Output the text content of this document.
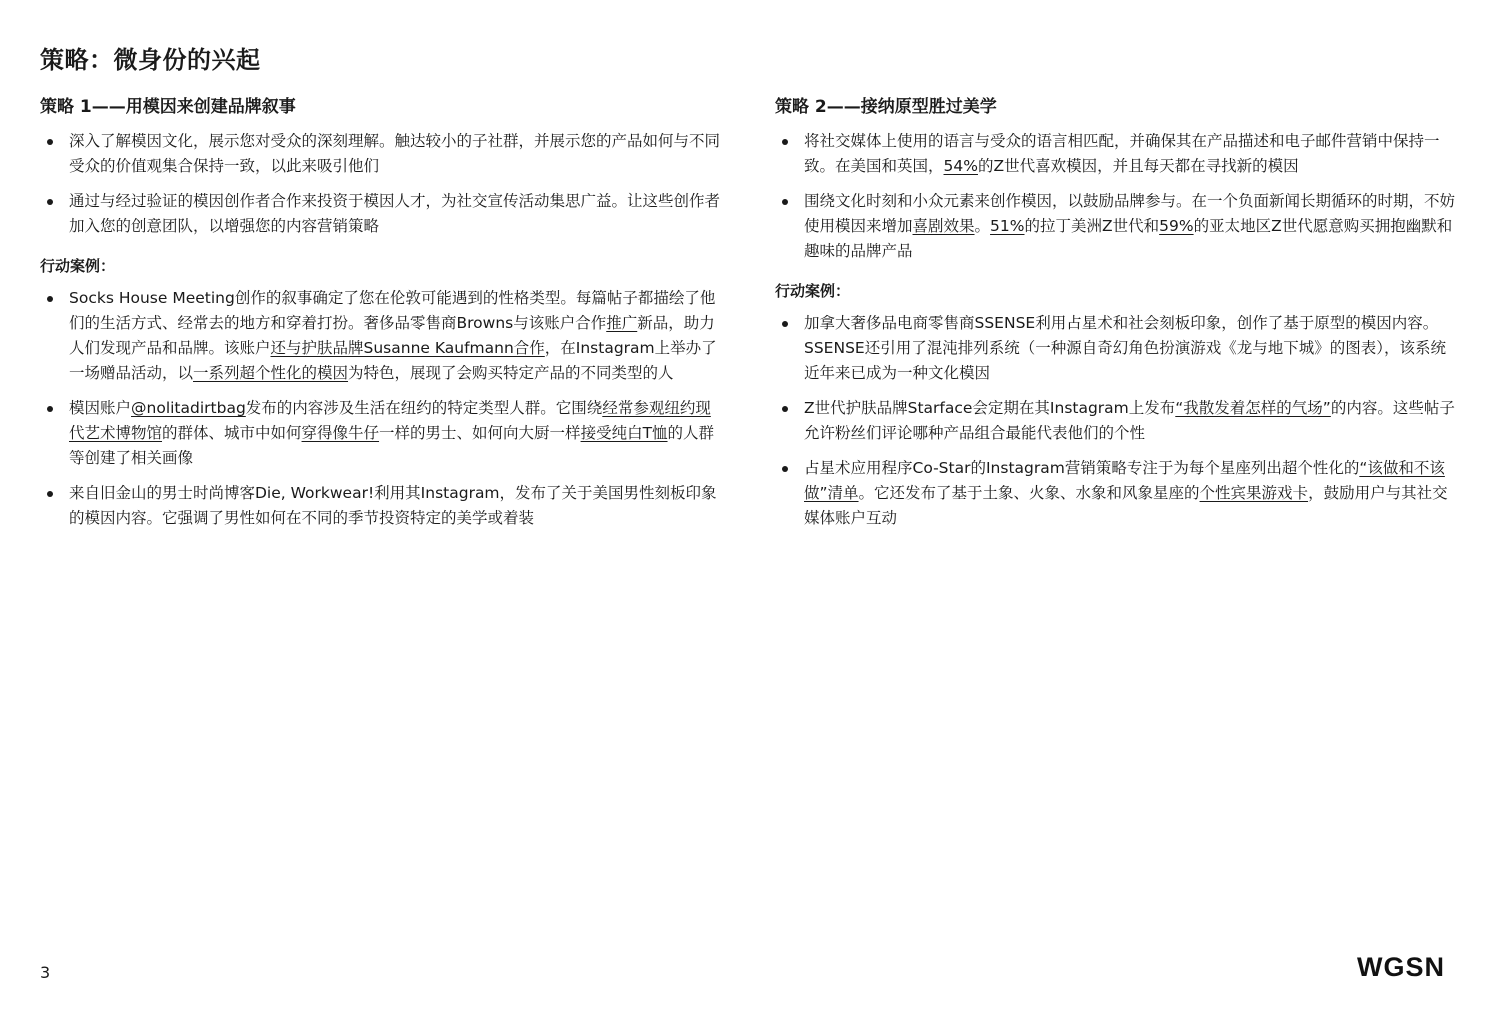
策略：微身份的兴起
策略 1——用模因来创建品牌叙事
深入了解模因文化，展示您对受众的深刻理解。触达较小的子社群，并展示您的产品如何与不同受众的价值观集合保持一致，以此来吸引他们
通过与经过验证的模因创作者合作来投资于模因人才，为社交宣传活动集思广益。让这些创作者加入您的创意团队，以增强您的内容营销策略
行动案例：
Socks House Meeting创作的叙事确定了您在伦敦可能遇到的性格类型。每篇帖子都描绘了他们的生活方式、经常去的地方和穿着打扮。奢侈品零售商Browns与该账户合作推广新品，助力人们发现产品和品牌。该账户还与护肤品牌Susanne Kaufmann合作，在Instagram上举办了一场赠品活动，以一系列超个性化的模因为特色，展现了会购买特定产品的不同类型的人
模因账户@nolitadirtbag发布的内容涉及生活在纽约的特定类型人群。它围绕经常参观纽约现代艺术博物馆的群体、城市中如何穿得像牛仔一样的男士、如何向大厨一样接受纯白T恤的人群等创建了相关画像
来自旧金山的男士时尚博客Die, Workwear!利用其Instagram，发布了关于美国男性刻板印象的模因内容。它强调了男性如何在不同的季节投资特定的美学或着装
策略 2——接纳原型胜过美学
将社交媒体上使用的语言与受众的语言相匹配，并确保其在产品描述和电子邮件营销中保持一致。在美国和英国，54%的Z世代喜欢模因，并且每天都在寻找新的模因
围绕文化时刻和小众元素来创作模因，以鼓励品牌参与。在一个负面新闻长期循环的时期，不妨使用模因来增加喜剧效果。51%的拉丁美洲Z世代和59%的亚太地区Z世代愿意购买拥抱幽默和趣味的品牌产品
行动案例：
加拿大奢侈品电商零售商SSENSE利用占星术和社会刻板印象，创作了基于原型的模因内容。SSENSE还引用了混沌排列系统（一种源自奇幻角色扮演游戏《龙与地下城》的图表），该系统近年来已成为一种文化模因
Z世代护肤品牌Starface会定期在其Instagram上发布“我散发着怎样的气场”的内容。这些帖子允许粉丝们评论哪种产品组合最能代表他们的个性
占星术应用程序Co-Star的Instagram营销策略专注于为每个星座列出超个性化的“该做和不该做”清单。它还发布了基于土象、火象、水象和风象星座的个性宾果游戏卡，鼓励用户与其社交媒体账户互动
3	WGSN
